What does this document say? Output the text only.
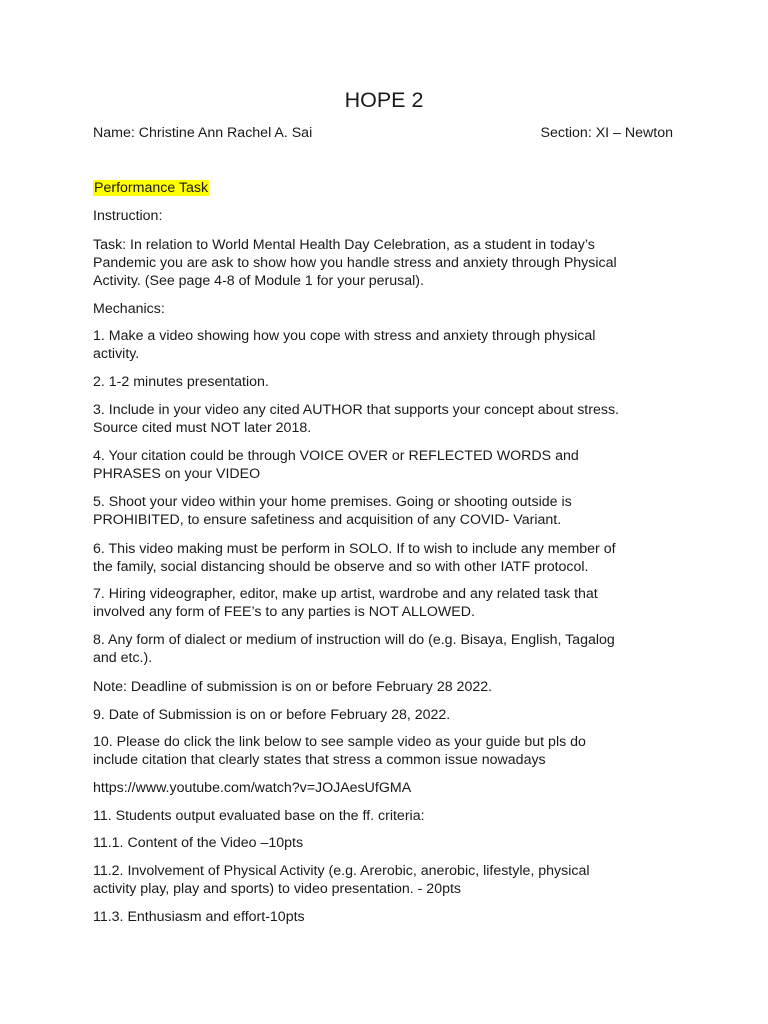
HOPE 2
Name: Christine Ann Rachel A. Sai	Section: XI – Newton
Performance Task
Instruction:
Task: In relation to World Mental Health Day Celebration, as a student in today’s
Pandemic you are ask to show how you handle stress and anxiety through Physical
Activity. (See page 4-8 of Module 1 for your perusal).
Mechanics:
1. Make a video showing how you cope with stress and anxiety through physical
activity.
2. 1-2 minutes presentation.
3. Include in your video any cited AUTHOR that supports your concept about stress.
Source cited must NOT later 2018.
4. Your citation could be through VOICE OVER or REFLECTED WORDS and
PHRASES on your VIDEO
5. Shoot your video within your home premises. Going or shooting outside is
PROHIBITED, to ensure safetiness and acquisition of any COVID- Variant.
6. This video making must be perform in SOLO. If to wish to include any member of
the family, social distancing should be observe and so with other IATF protocol.
7. Hiring videographer, editor, make up artist, wardrobe and any related task that
involved any form of FEE’s to any parties is NOT ALLOWED.
8. Any form of dialect or medium of instruction will do (e.g. Bisaya, English, Tagalog
and etc.).
Note: Deadline of submission is on or before February 28 2022.
9. Date of Submission is on or before February 28, 2022.
10. Please do click the link below to see sample video as your guide but pls do
include citation that clearly states that stress a common issue nowadays
https://www.youtube.com/watch?v=JOJAesUfGMA
11. Students output evaluated base on the ff. criteria:
11.1. Content of the Video –10pts
11.2. Involvement of Physical Activity (e.g. Arerobic, anerobic, lifestyle, physical
activity play, play and sports) to video presentation. - 20pts
11.3. Enthusiasm and effort-10pts
